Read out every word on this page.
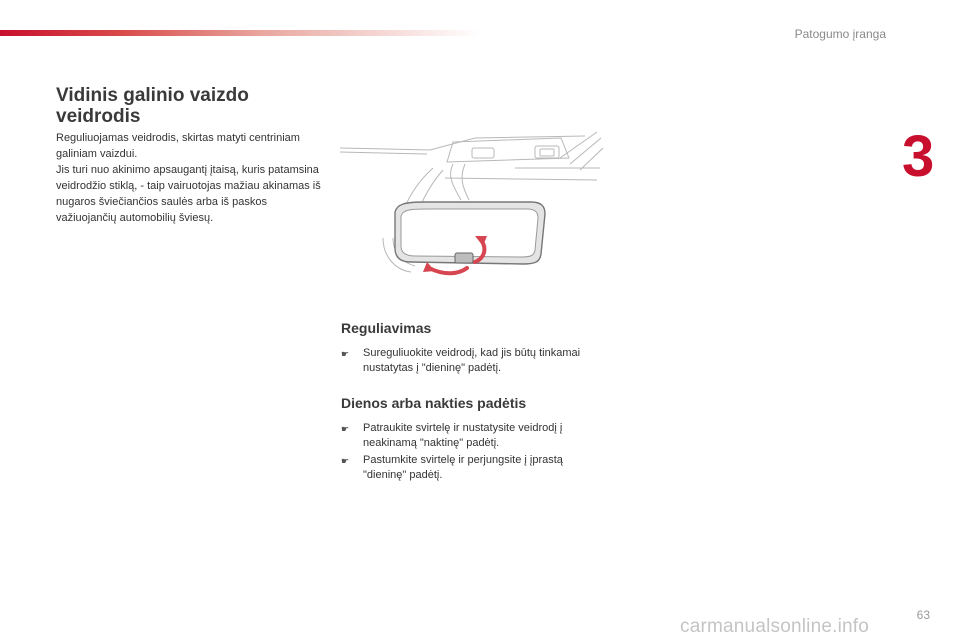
Patogumo įranga
3
Vidinis galinio vaizdo veidrodis

Reguliuojamas veidrodis, skirtas matyti centriniam galiniam vaizdui.

Jis turi nuo akinimo apsaugantį įtaisą, kuris patamsina veidrodžio stiklą, - taip vairuotojas mažiau akinamas iš nugaros šviečiančios saulės arba iš paskos važiuojančių automobilių šviesų.

Reguliavimas
☛	Sureguliuokite veidrodį, kad jis būtų tinkamai nustatytas į "dieninę" padėtį.
Dienos arba nakties padėtis
☛	Patraukite svirtelę ir nustatysite veidrodį į neakinamą "naktinę" padėtį.
☛	Pastumkite svirtelę ir perjungsite į įprastą "dieninę" padėtį.
63
carmanualsonline.info
